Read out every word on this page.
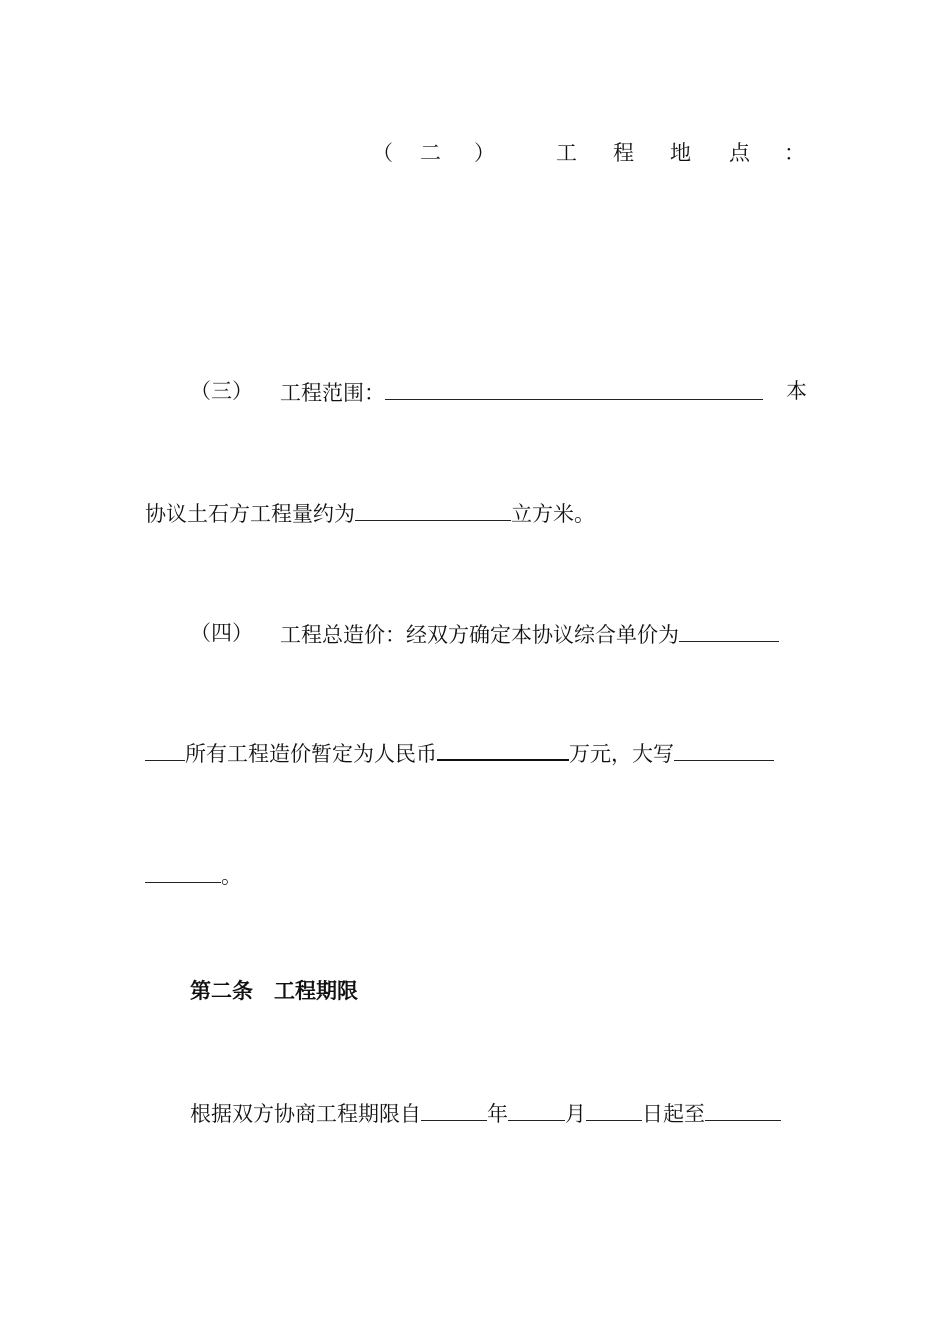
（ 二 ）	工 程 地 点 ：
（三） 工程范围：	本
协议土石方工程量约为	立方米。
（四） 工程总造价：经双方确定本协议综合单价为
所有工程造价暂定为人民币	万元，大写
。
第二条　工程期限
根据双方协商工程期限自	年	月	日起至
